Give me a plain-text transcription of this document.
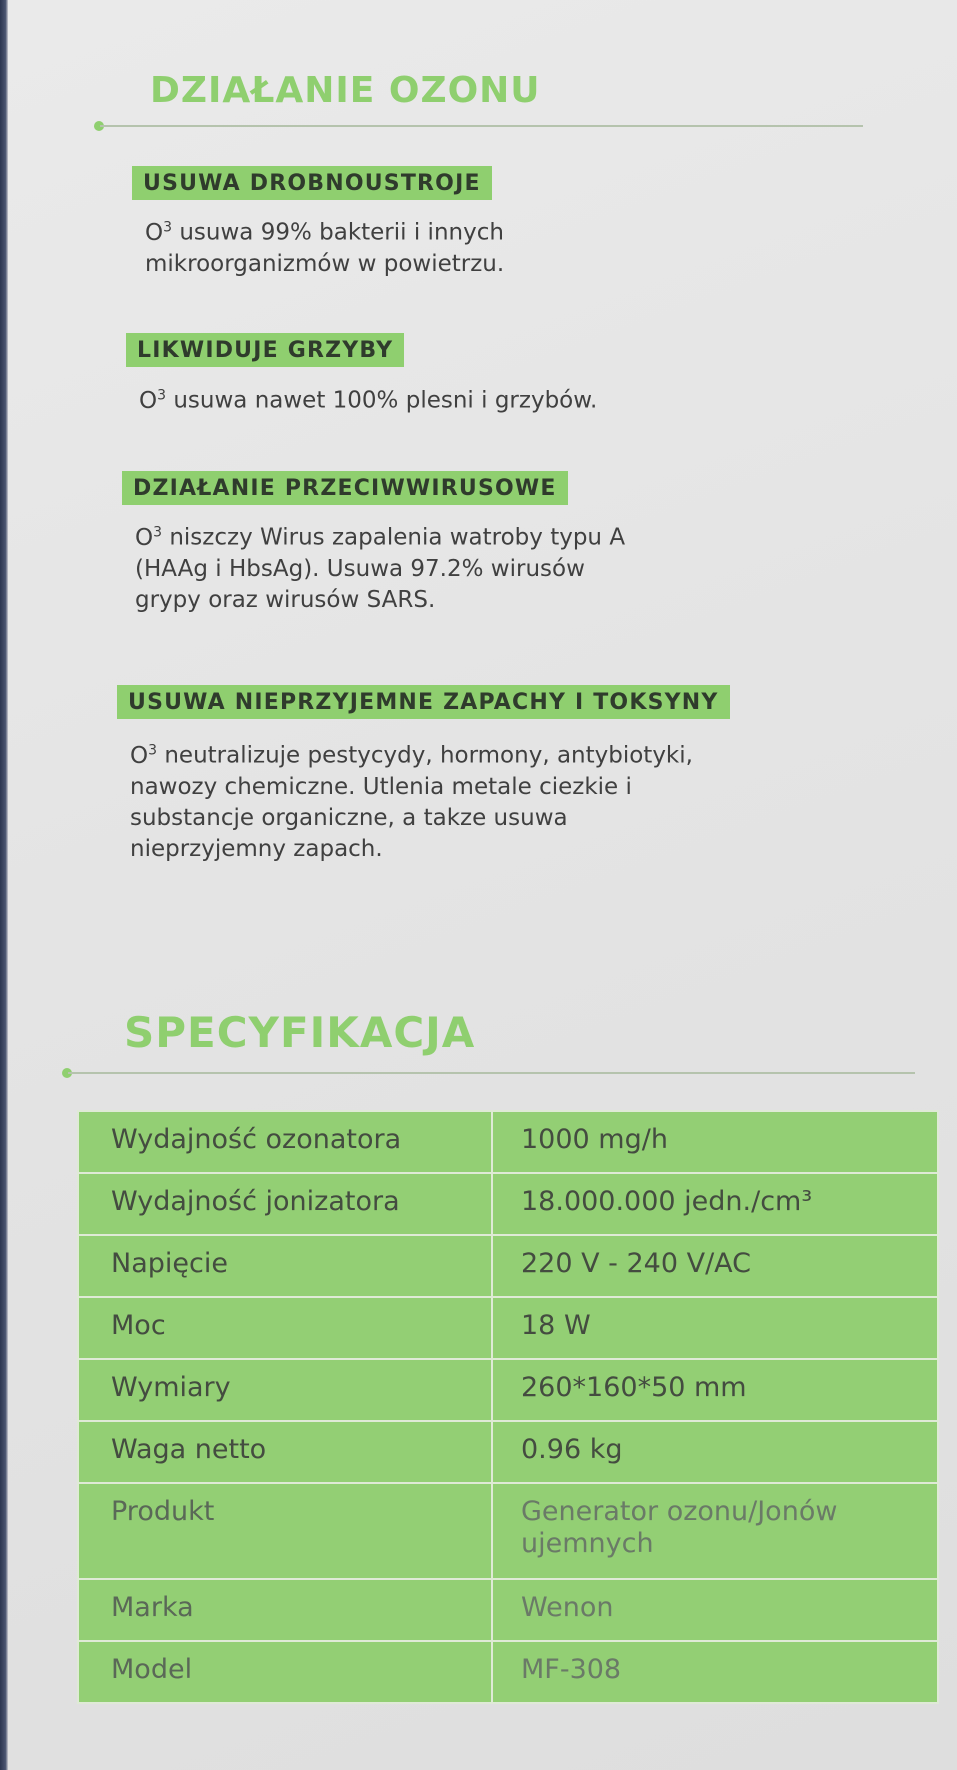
DZIAŁANIE OZONU
USUWA DROBNOUSTROJE

$O^3$ usuwa 99% bakterii i innych
mikroorganizmów w powietrzu.

LIKWIDUJE GRZYBY

$O^3$ usuwa nawet 100% plesni i grzybów.

DZIAŁANIE PRZECIWWIRUSOWE

$O^3$ niszczy Wirus zapalenia watroby typu A
(HAAg i HbsAg). Usuwa 97.2% wirusów
grypy oraz wirusów SARS.

USUWA NIEPRZYJEMNE ZAPACHY I TOKSYNY

$O^3$ neutralizuje pestycydy, hormony, antybiotyki,
nawozy chemiczne. Utlenia metale ciezkie i
substancje organiczne, a takze usuwa
nieprzyjemny zapach.

SPECYFIKACJA
Wydajność ozonatora	1000 mg/h
Wydajność jonizatora	18.000.000 jedn./cm³
Napięcie	220 V - 240 V/AC
Moc	18 W
Wymiary	260*160*50 mm
Waga netto	0.96 kg
Produkt	Generator ozonu/Jonów
ujemnych

Marka	Wenon
Model	MF-308
